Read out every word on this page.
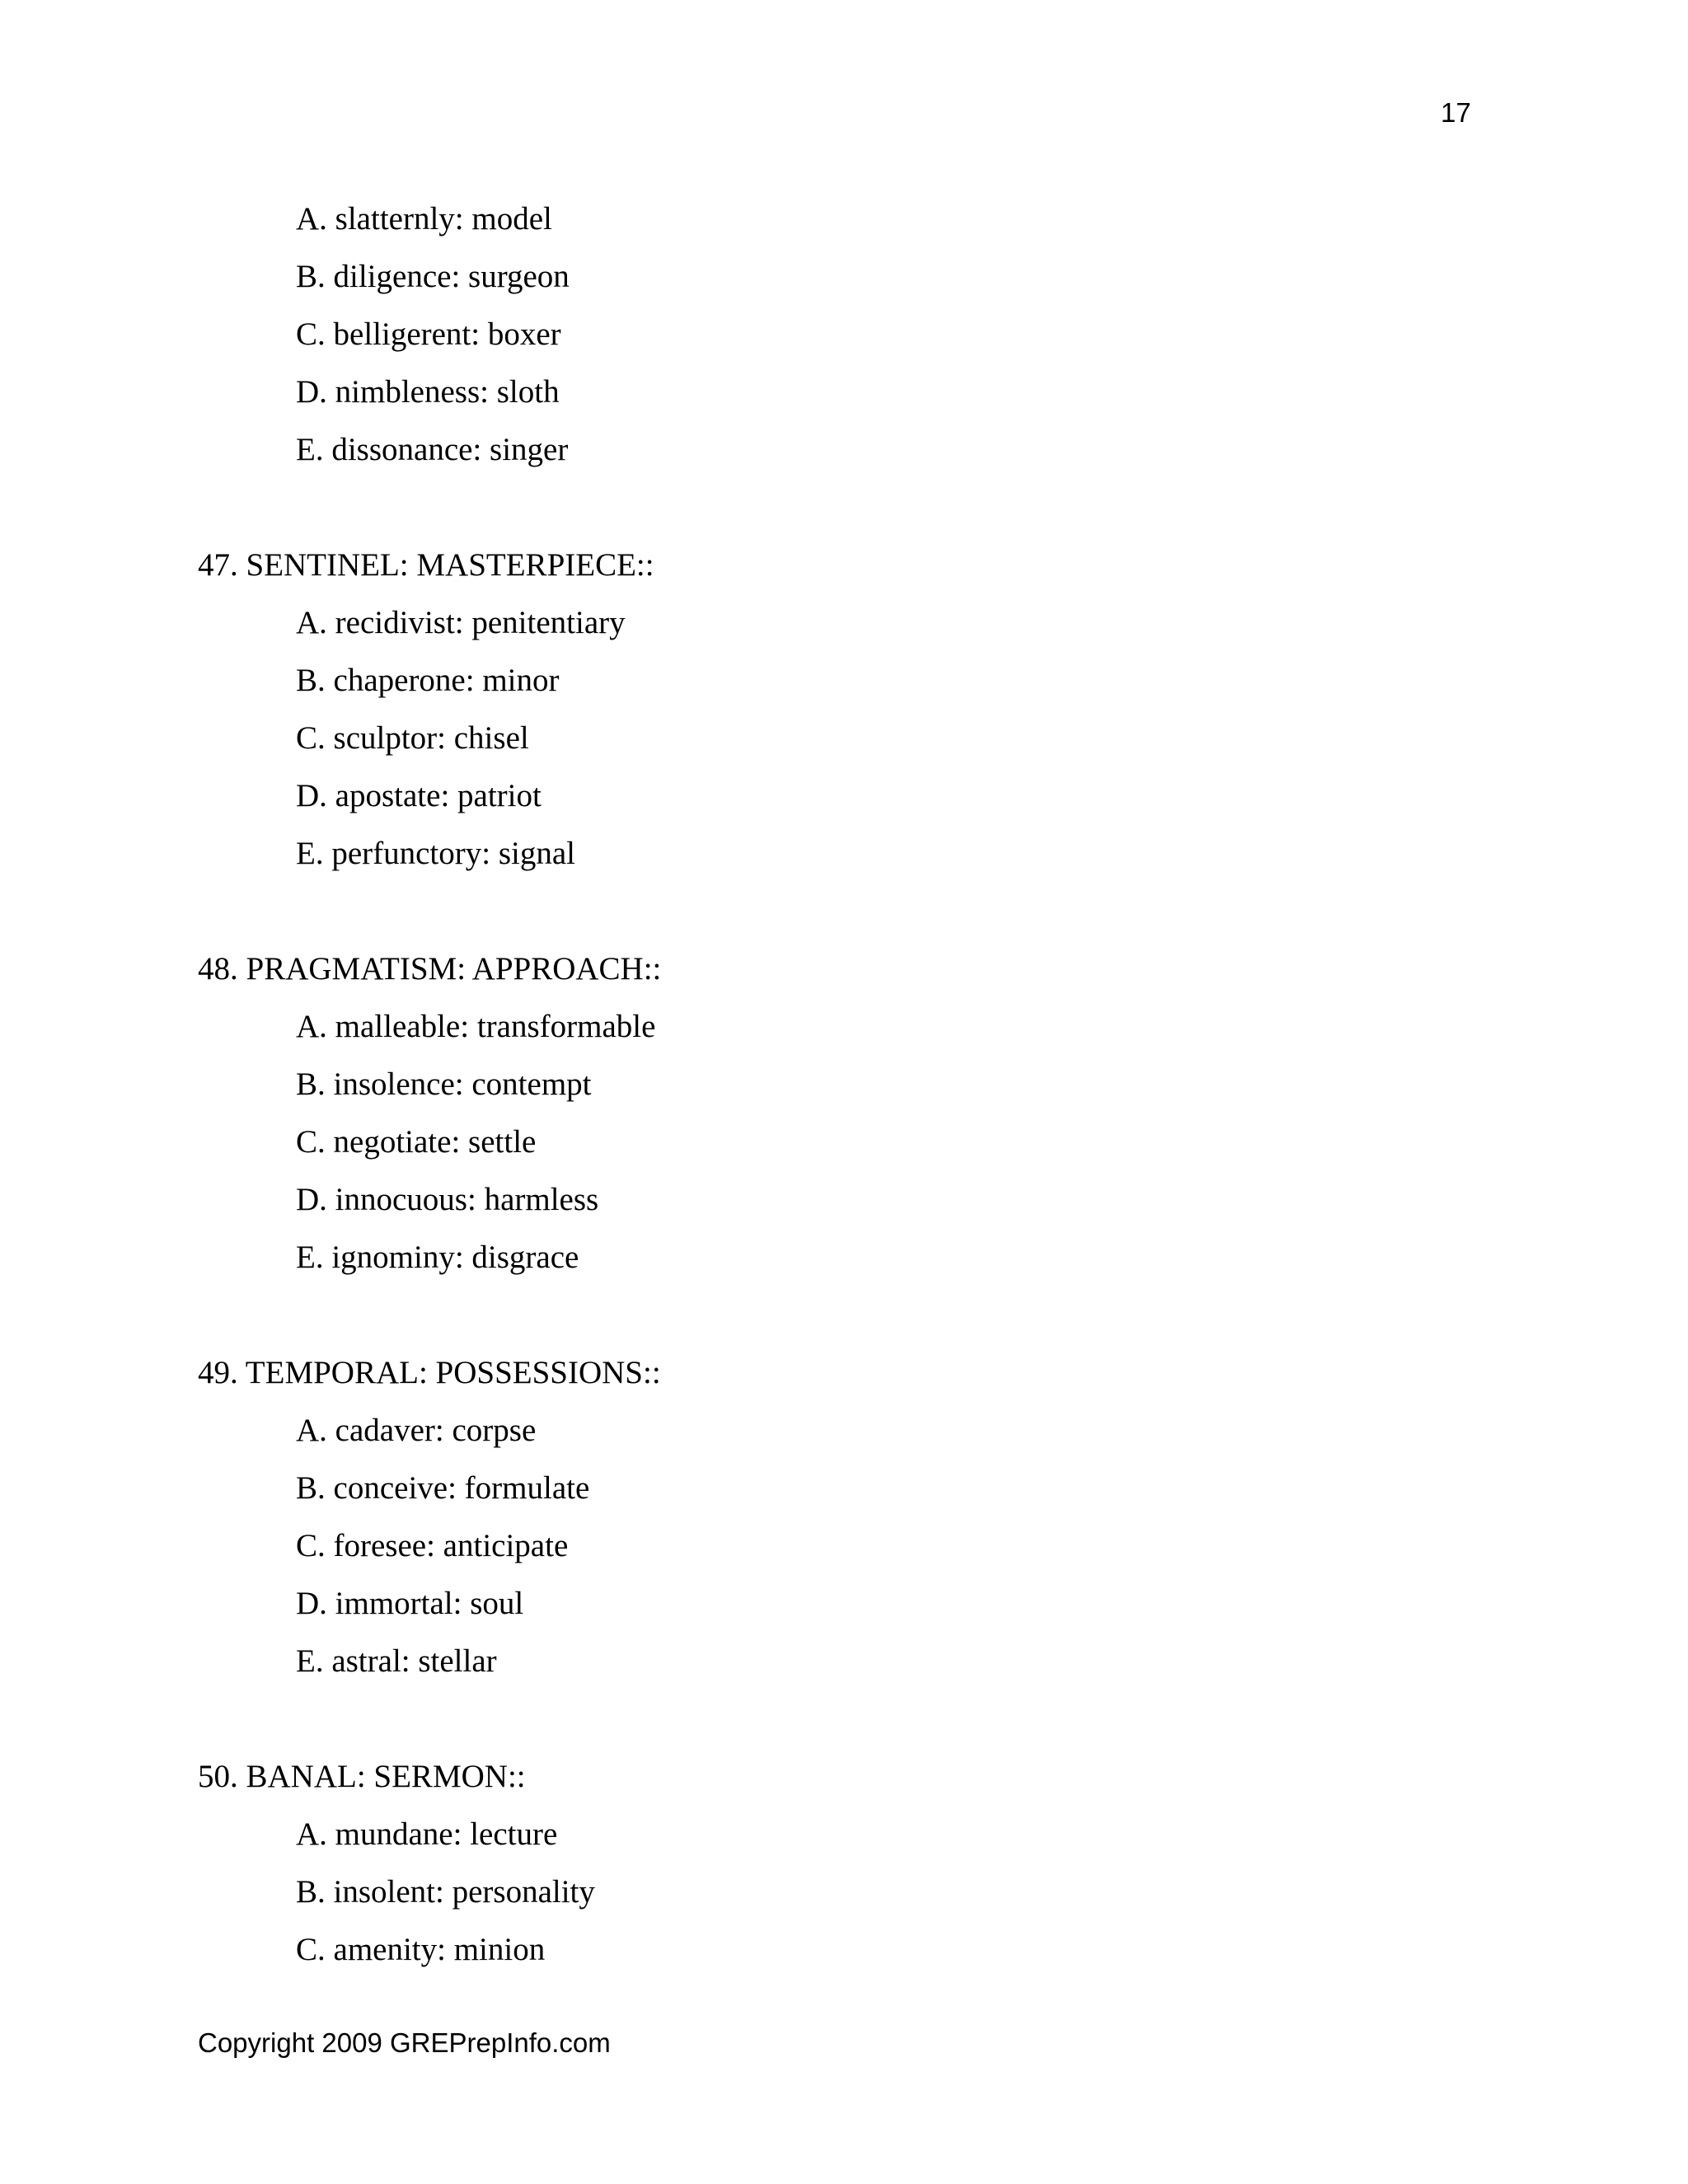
17
A. slatternly: model
B. diligence: surgeon
C. belligerent: boxer
D. nimbleness: sloth
E. dissonance: singer
47. SENTINEL: MASTERPIECE::
A. recidivist: penitentiary
B. chaperone: minor
C. sculptor: chisel
D. apostate: patriot
E. perfunctory: signal
48. PRAGMATISM: APPROACH::
A. malleable: transformable
B. insolence: contempt
C. negotiate: settle
D. innocuous: harmless
E. ignominy: disgrace
49. TEMPORAL: POSSESSIONS::
A. cadaver: corpse
B. conceive: formulate
C. foresee: anticipate
D. immortal: soul
E. astral: stellar
50. BANAL: SERMON::
A. mundane: lecture
B. insolent: personality
C. amenity: minion
Copyright 2009 GREPrepInfo.com
